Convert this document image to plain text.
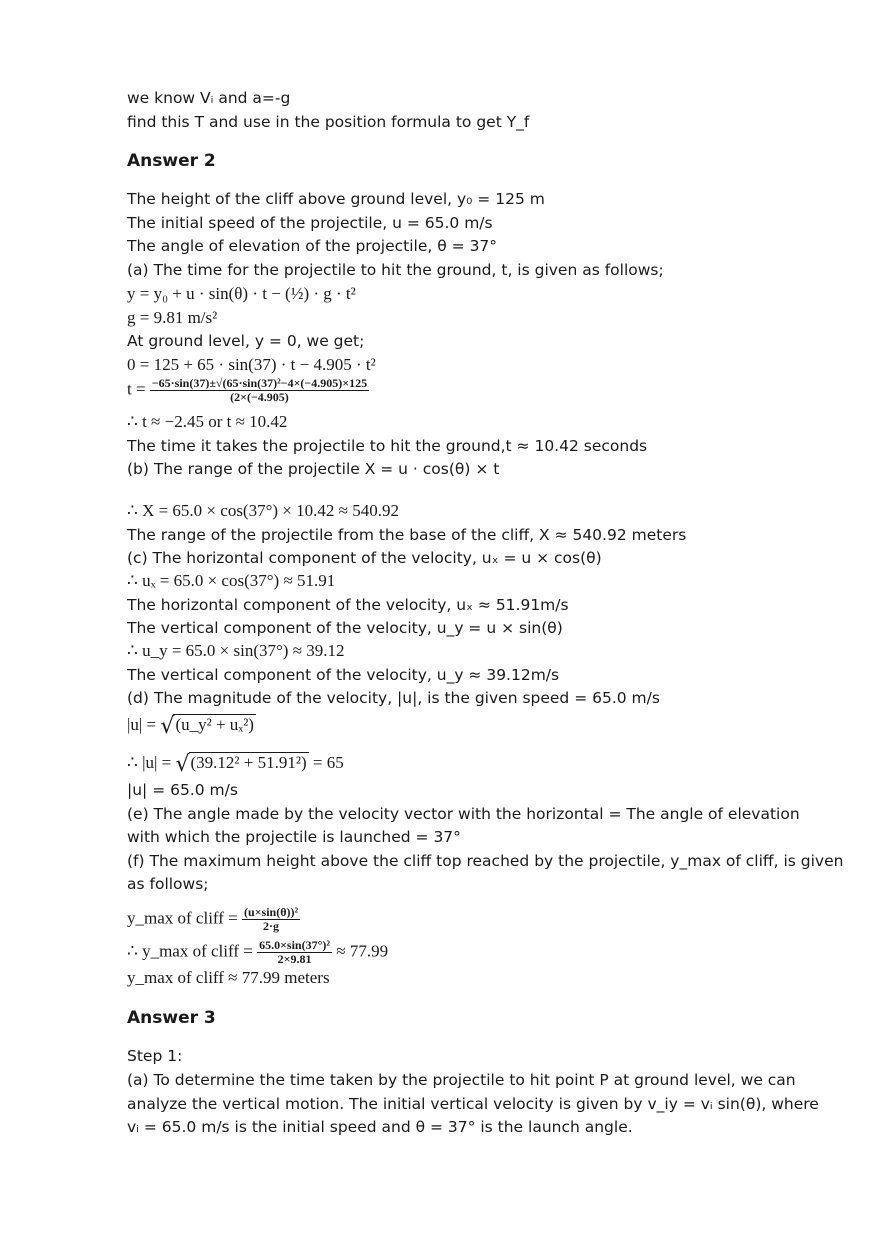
we know Vᵢ and a=-g
find this T and use in the position formula to get Y_f
Answer 2
The height of the cliff above ground level, y₀ = 125 m
The initial speed of the projectile, u = 65.0 m/s
The angle of elevation of the projectile, θ = 37°
(a) The time for the projectile to hit the ground, t, is given as follows;
y = y₀ + u · sin(θ) · t − (½) · g · t²
g = 9.81 m/s²
At ground level, y = 0, we get;
0 = 125 + 65 · sin(37) · t − 4.905 · t²
$t = \frac{\text{−65·sin(37)±√(65·sin(37)²−4×(−4.905)×125}}{(2\times(-4.905)}$
∴ t ≈ −2.45 or t ≈ 10.42
The time it takes the projectile to hit the ground,t ≈ 10.42 seconds
(b) The range of the projectile X = u · cos(θ) × t
∴ X = 65.0 × cos(37°) × 10.42 ≈ 540.92
The range of the projectile from the base of the cliff, X ≈ 540.92 meters
(c) The horizontal component of the velocity, uₓ = u × cos(θ)
∴ uₓ = 65.0 × cos(37°) ≈ 51.91
The horizontal component of the velocity, uₓ ≈ 51.91m/s
The vertical component of the velocity, u_y = u × sin(θ)
∴ u_y = 65.0 × sin(37°) ≈ 39.12
The vertical component of the velocity, u_y ≈ 39.12m/s
(d) The magnitude of the velocity, |u|, is the given speed = 65.0 m/s
|u| = √(u_y² + uₓ²)
∴ |u| = √(39.12² + 51.91²) = 65
|u| = 65.0 m/s
(e) The angle made by the velocity vector with the horizontal = The angle of elevation
with which the projectile is launched = 37°
(f) The maximum height above the cliff top reached by the projectile, y_max of cliff, is given
as follows;
y_max of cliff = $\frac{\text{(u×sin(θ))²}}{2\cdot g}$
∴ y_max of cliff = $\frac{\text{65.0×sin(37°)²}}{2\times 9.81} \approx 77.99$
y_max of cliff ≈ 77.99 meters
Answer 3
Step 1:
(a) To determine the time taken by the projectile to hit point P at ground level, we can
analyze the vertical motion. The initial vertical velocity is given by v_iy = vᵢ sin(θ), where
vᵢ = 65.0 m/s is the initial speed and θ = 37° is the launch angle.
